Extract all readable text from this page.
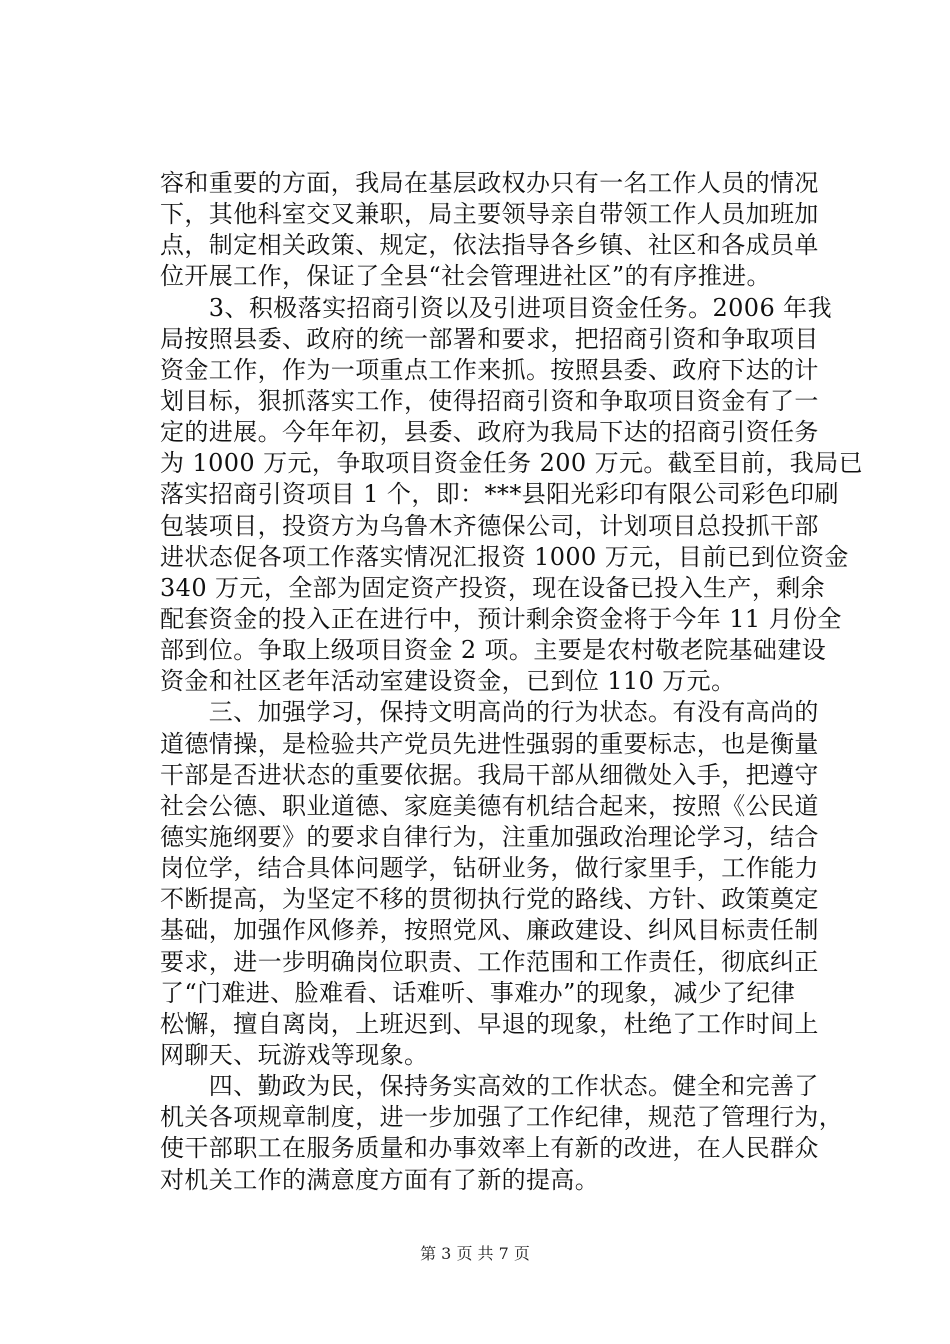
容和重要的方面，我局在基层政权办只有一名工作人员的情况
下，其他科室交叉兼职，局主要领导亲自带领工作人员加班加
点，制定相关政策、规定，依法指导各乡镇、社区和各成员单
位开展工作，保证了全县“社会管理进社区”的有序推进。
　　3、积极落实招商引资以及引进项目资金任务。2006 年我
局按照县委、政府的统一部署和要求，把招商引资和争取项目
资金工作，作为一项重点工作来抓。按照县委、政府下达的计
划目标，狠抓落实工作，使得招商引资和争取项目资金有了一
定的进展。今年年初，县委、政府为我局下达的招商引资任务
为 1000 万元，争取项目资金任务 200 万元。截至目前，我局已
落实招商引资项目 1 个，即：***县阳光彩印有限公司彩色印刷
包装项目，投资方为乌鲁木齐德保公司，计划项目总投抓干部
进状态促各项工作落实情况汇报资 1000 万元，目前已到位资金
340 万元，全部为固定资产投资，现在设备已投入生产，剩余
配套资金的投入正在进行中，预计剩余资金将于今年 11 月份全
部到位。争取上级项目资金 2 项。主要是农村敬老院基础建设
资金和社区老年活动室建设资金，已到位 110 万元。
　　三、加强学习，保持文明高尚的行为状态。有没有高尚的
道德情操，是检验共产党员先进性强弱的重要标志，也是衡量
干部是否进状态的重要依据。我局干部从细微处入手，把遵守
社会公德、职业道德、家庭美德有机结合起来，按照《公民道
德实施纲要》的要求自律行为，注重加强政治理论学习，结合
岗位学，结合具体问题学，钻研业务，做行家里手，工作能力
不断提高，为坚定不移的贯彻执行党的路线、方针、政策奠定
基础，加强作风修养，按照党风、廉政建设、纠风目标责任制
要求，进一步明确岗位职责、工作范围和工作责任，彻底纠正
了“门难进、脸难看、话难听、事难办”的现象，减少了纪律
松懈，擅自离岗，上班迟到、早退的现象，杜绝了工作时间上
网聊天、玩游戏等现象。
　　四、勤政为民，保持务实高效的工作状态。健全和完善了
机关各项规章制度，进一步加强了工作纪律，规范了管理行为，
使干部职工在服务质量和办事效率上有新的改进，在人民群众
对机关工作的满意度方面有了新的提高。
第 3 页 共 7 页
